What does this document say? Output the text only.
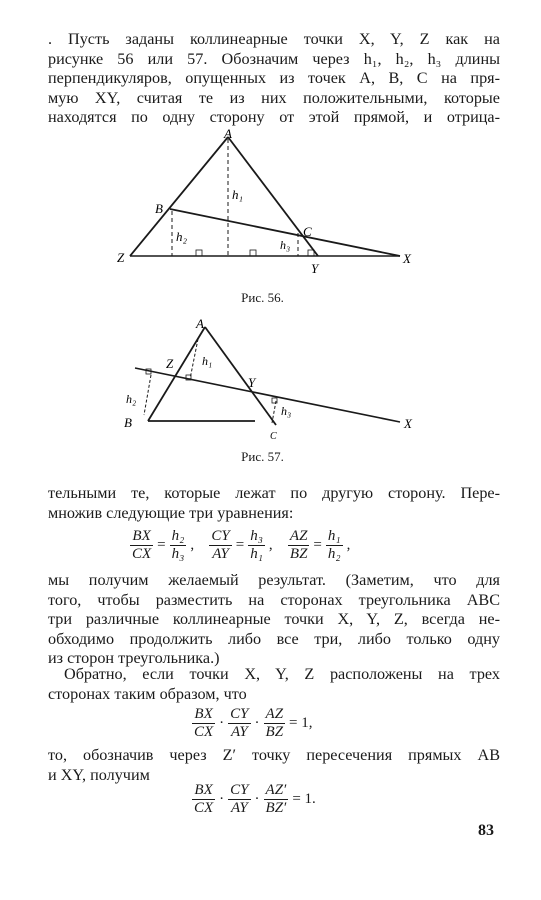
. Пусть заданы коллинеарные точки X, Y, Z как на
рисунке 56 или 57. Обозначим через h₁, h₂, h₃ длины
перпендикуляров, опущенных из точек A, B, C на пря-
мую XY, считая те из них положительными, которые
находятся по одну сторону от этой прямой, и отрица-
A
B
C
Z	X
Y
h₁
h₂
h₃
Рис. 56.
A
B
C
Z
X
Y
h₁
h₂
h₃
Рис. 57.
тельными те, которые лежат по другую сторону. Пере-
множив следующие три уравнения:
$\frac{BX}{CX} = \frac{\text{h₂}}{\text{h₃}}$ , $\frac{CY}{AY} = \frac{\text{h₃}}{\text{h₁}}$ , $\frac{AZ}{BZ} = \frac{\text{h₁}}{\text{h₂}}$ ,
мы получим желаемый результат. (Заметим, что для
того, чтобы разместить на сторонах треугольника ABC
три различные коллинеарные точки X, Y, Z, всегда не-
обходимо продолжить либо все три, либо только одну
из сторон треугольника.)
Обратно, если точки X, Y, Z расположены на трех
сторонах таким образом, что
$\frac{BX}{CX} \cdot \frac{CY}{AY} \cdot \frac{AZ}{BZ} = 1$,
то, обозначив через Z′ точку пересечения прямых AB
и XY, получим
$\frac{BX}{CX} \cdot \frac{CY}{AY} \cdot \frac{AZ'}{BZ'} = 1$.
83
